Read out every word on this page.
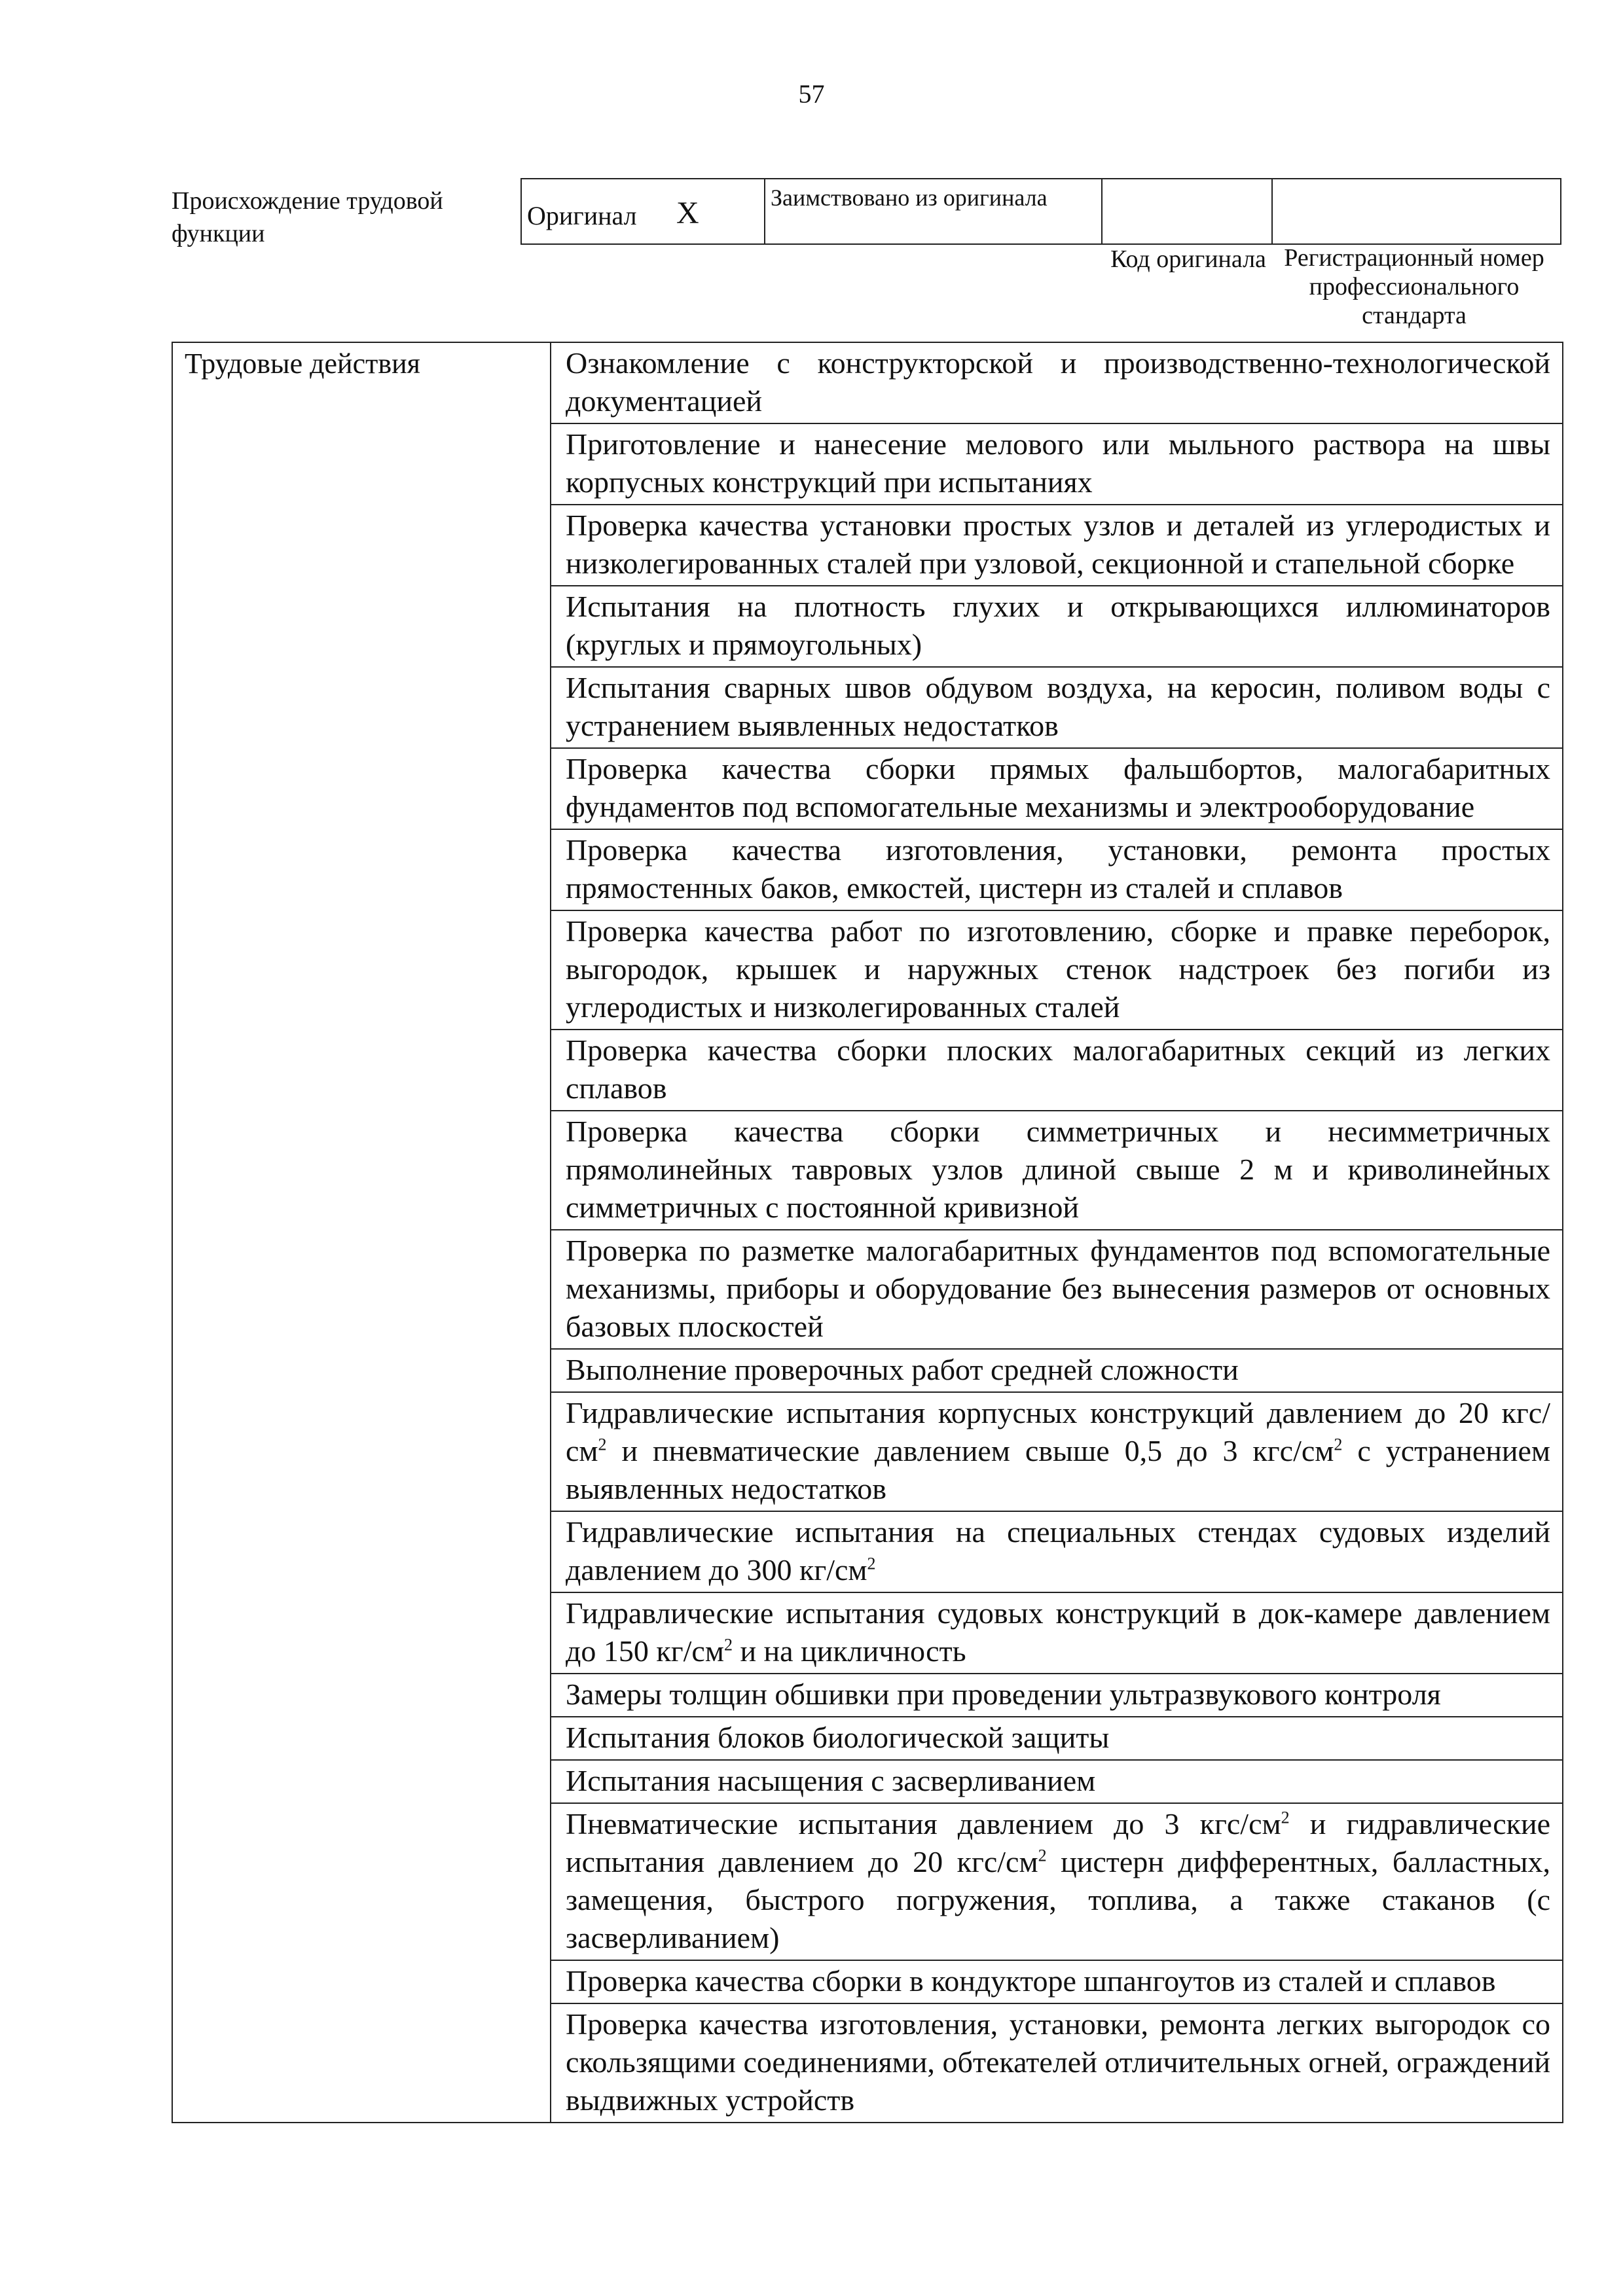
57
Происхождение трудовой функции
Оригинал X	Заимствовано из оригинала
Код оригинала Регистрационный номер профессионального стандарта
Трудовые действия	Ознакомление с конструкторской и производственно-технологической документацией
Приготовление и нанесение мелового или мыльного раствора на швы корпусных конструкций при испытаниях
Проверка качества установки простых узлов и деталей из углеродистых и низколегированных сталей при узловой, секционной и стапельной сборке
Испытания на плотность глухих и открывающихся иллюминаторов (круглых и прямоугольных)
Испытания сварных швов обдувом воздуха, на керосин, поливом воды с устранением выявленных недостатков
Проверка качества сборки прямых фальшбортов, малогабаритных фундаментов под вспомогательные механизмы и электрооборудование
Проверка качества изготовления, установки, ремонта простых прямостенных баков, емкостей, цистерн из сталей и сплавов
Проверка качества работ по изготовлению, сборке и правке переборок, выгородок, крышек и наружных стенок надстроек без погиби из углеродистых и низколегированных сталей
Проверка качества сборки плоских малогабаритных секций из легких сплавов
Проверка качества сборки симметричных и несимметричных прямолинейных тавровых узлов длиной свыше 2 м и криволинейных симметричных с постоянной кривизной
Проверка по разметке малогабаритных фундаментов под вспомогательные механизмы, приборы и оборудование без вынесения размеров от основных базовых плоскостей
Выполнение проверочных работ средней сложности
Гидравлические испытания корпусных конструкций давлением до 20 кгс/$см^2$ и пневматические давлением свыше 0,5 до 3 кгс/$см^2$ с устранением выявленных недостатков
Гидравлические испытания на специальных стендах судовых изделий давлением до 300 $кг/см^2$
Гидравлические испытания судовых конструкций в док-камере давлением до 150 $кг/см^2$ и на цикличность
Замеры толщин обшивки при проведении ультразвукового контроля
Испытания блоков биологической защиты
Испытания насыщения с засверливанием
Пневматические испытания давлением до 3 кгс/$см^2$ и гидравлические испытания давлением до 20 кгс/$см^2$ цистерн дифферентных, балластных, замещения, быстрого погружения, топлива, а также стаканов (с засверливанием)
Проверка качества сборки в кондукторе шпангоутов из сталей и сплавов
Проверка качества изготовления, установки, ремонта легких выгородок со скользящими соединениями, обтекателей отличительных огней, ограждений выдвижных устройств
